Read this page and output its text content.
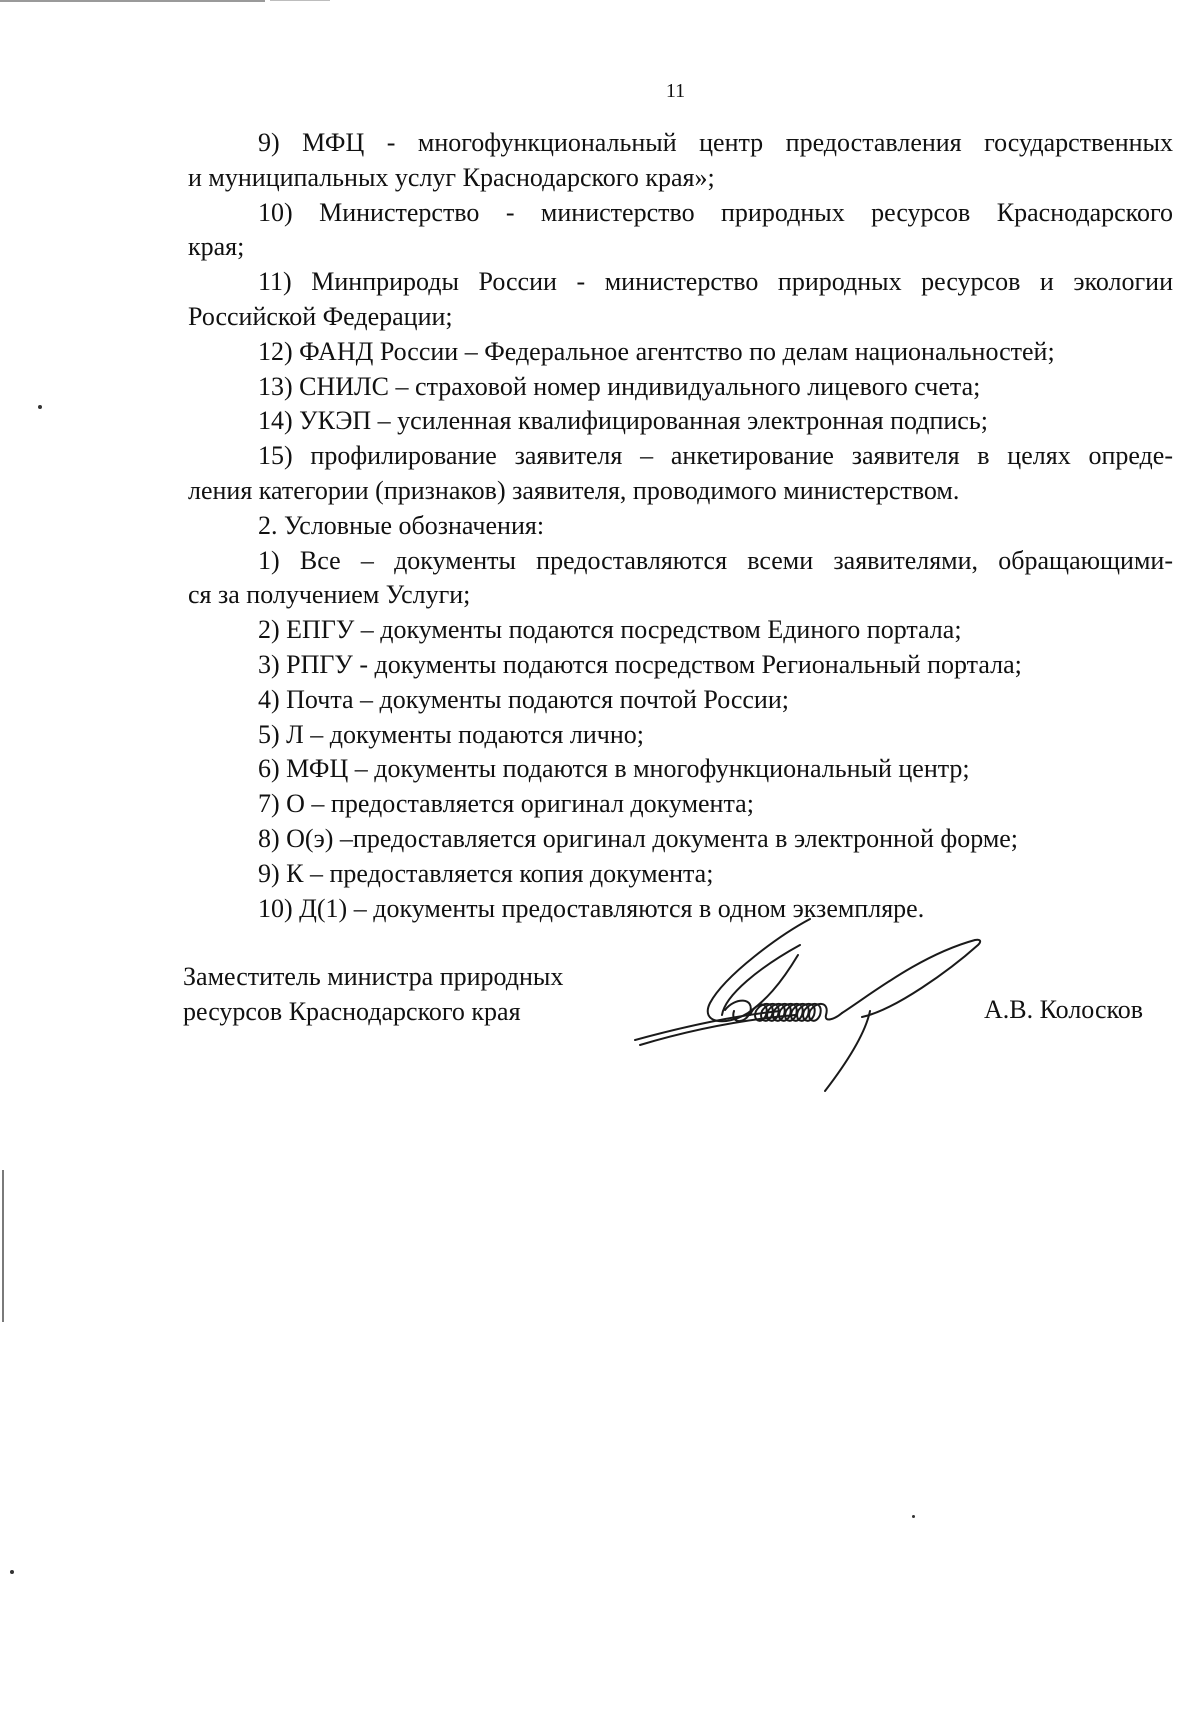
11
9) МФЦ - многофункциональный центр предоставления государственных
и муниципальных услуг Краснодарского края»;
10) Министерство - министерство природных ресурсов Краснодарского
края;
11) Минприроды России - министерство природных ресурсов и экологии
Российской Федерации;
12) ФАНД России – Федеральное агентство по делам национальностей;
13) СНИЛС – страховой номер индивидуального лицевого счета;
14) УКЭП – усиленная квалифицированная электронная подпись;
15) профилирование заявителя – анкетирование заявителя в целях опреде-
ления категории (признаков) заявителя, проводимого министерством.
2. Условные обозначения:
1) Все – документы предоставляются всеми заявителями, обращающими-
ся за получением Услуги;
2) ЕПГУ – документы подаются посредством Единого портала;
3) РПГУ - документы подаются посредством Региональный портала;
4) Почта – документы подаются почтой России;
5) Л – документы подаются лично;
6) МФЦ – документы подаются в многофункциональный центр;
7) О – предоставляется оригинал документа;
8) О(э) –предоставляется оригинал документа в электронной форме;
9) К – предоставляется копия документа;
10) Д(1) – документы предоставляются в одном экземпляре.
Заместитель министра природных
ресурсов Краснодарского края	А.В. Колосков
